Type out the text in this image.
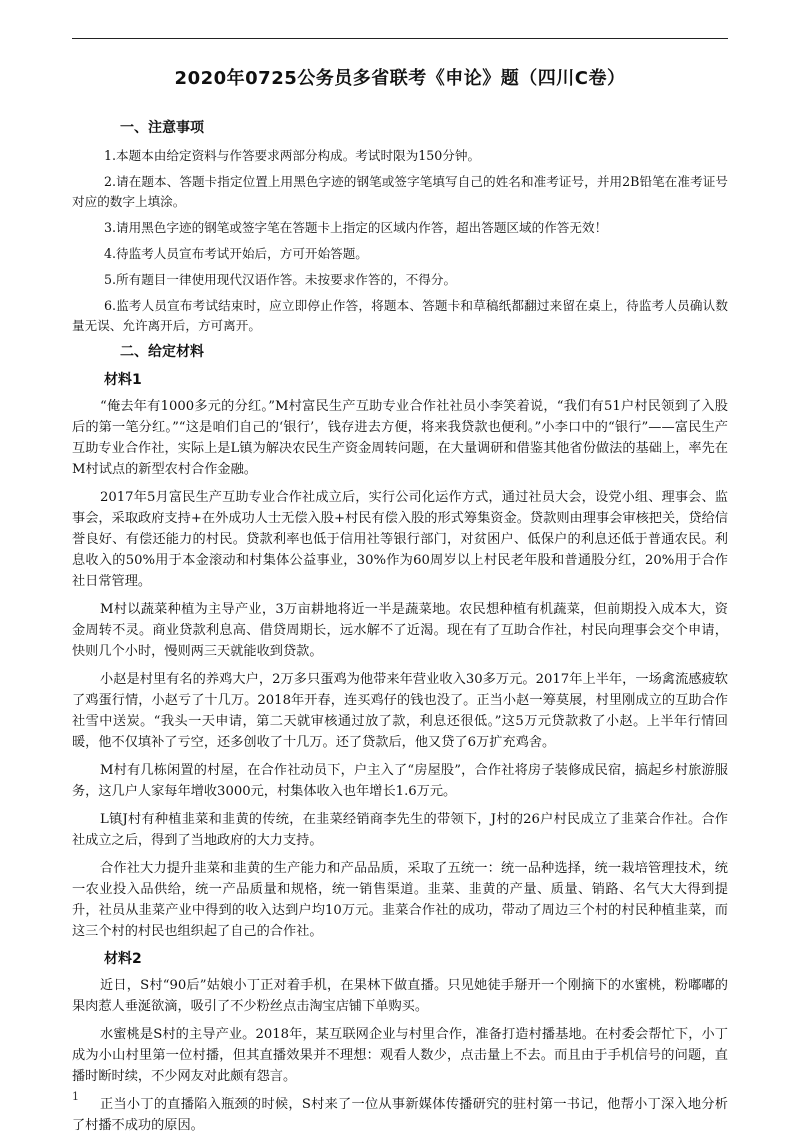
2020年0725公务员多省联考《申论》题（四川C卷）
一、注意事项

1.本题本由给定资料与作答要求两部分构成。考试时限为150分钟。

2.请在题本、答题卡指定位置上用黑色字迹的钢笔或签字笔填写自己的姓名和准考证号，并用2B铅笔在准考证号对应的数字上填涂。

3.请用黑色字迹的钢笔或签字笔在答题卡上指定的区域内作答，超出答题区域的作答无效！

4.待监考人员宣布考试开始后，方可开始答题。

5.所有题目一律使用现代汉语作答。未按要求作答的，不得分。

6.监考人员宣布考试结束时，应立即停止作答，将题本、答题卡和草稿纸都翻过来留在桌上，待监考人员确认数量无误、允许离开后，方可离开。

二、给定材料
材料1

“俺去年有1000多元的分红。”M村富民生产互助专业合作社社员小李笑着说，“我们有51户村民领到了入股后的第一笔分红。”“这是咱们自己的‘银行’，钱存进去方便，将来我贷款也便利。”小李口中的“银行”——富民生产互助专业合作社，实际上是L镇为解决农民生产资金周转问题，在大量调研和借鉴其他省份做法的基础上，率先在M村试点的新型农村合作金融。

2017年5月富民生产互助专业合作社成立后，实行公司化运作方式，通过社员大会，设党小组、理事会、监事会，采取政府支持+在外成功人士无偿入股+村民有偿入股的形式筹集资金。贷款则由理事会审核把关，贷给信誉良好、有偿还能力的村民。贷款利率也低于信用社等银行部门，对贫困户、低保户的利息还低于普通农民。利息收入的50%用于本金滚动和村集体公益事业，30%作为60周岁以上村民老年股和普通股分红，20%用于合作社日常管理。

M村以蔬菜种植为主导产业，3万亩耕地将近一半是蔬菜地。农民想种植有机蔬菜，但前期投入成本大，资金周转不灵。商业贷款利息高、借贷周期长，远水解不了近渴。现在有了互助合作社，村民向理事会交个申请，快则几个小时，慢则两三天就能收到贷款。

小赵是村里有名的养鸡大户，2万多只蛋鸡为他带来年营业收入30多万元。2017年上半年，一场禽流感疲软了鸡蛋行情，小赵亏了十几万。2018年开春，连买鸡仔的钱也没了。正当小赵一筹莫展，村里刚成立的互助合作社雪中送炭。“我头一天申请，第二天就审核通过放了款，利息还很低。”这5万元贷款救了小赵。上半年行情回暖，他不仅填补了亏空，还多创收了十几万。还了贷款后，他又贷了6万扩充鸡舍。

M村有几栋闲置的村屋，在合作社动员下，户主入了“房屋股”，合作社将房子装修成民宿，搞起乡村旅游服务，这几户人家每年增收3000元，村集体收入也年增长1.6万元。

L镇J村有种植韭菜和韭黄的传统，在韭菜经销商李先生的带领下，J村的26户村民成立了韭菜合作社。合作社成立之后，得到了当地政府的大力支持。

合作社大力提升韭菜和韭黄的生产能力和产品品质，采取了五统一：统一品种选择，统一栽培管理技术，统一农业投入品供给，统一产品质量和规格，统一销售渠道。韭菜、韭黄的产量、质量、销路、名气大大得到提升，社员从韭菜产业中得到的收入达到户均10万元。韭菜合作社的成功，带动了周边三个村的村民种植韭菜，而这三个村的村民也组织起了自己的合作社。

材料2

近日，S村“90后”姑娘小丁正对着手机，在果林下做直播。只见她徒手掰开一个刚摘下的水蜜桃，粉嘟嘟的果肉惹人垂涎欲滴，吸引了不少粉丝点击淘宝店铺下单购买。

水蜜桃是S村的主导产业。2018年，某互联网企业与村里合作，准备打造村播基地。在村委会帮忙下，小丁成为小山村里第一位村播，但其直播效果并不理想：观看人数少，点击量上不去。而且由于手机信号的问题，直播时断时续，不少网友对此颇有怨言。

正当小丁的直播陷入瓶颈的时候，S村来了一位从事新媒体传播研究的驻村第一书记，他帮小丁深入地分析了村播不成功的原因。

1
